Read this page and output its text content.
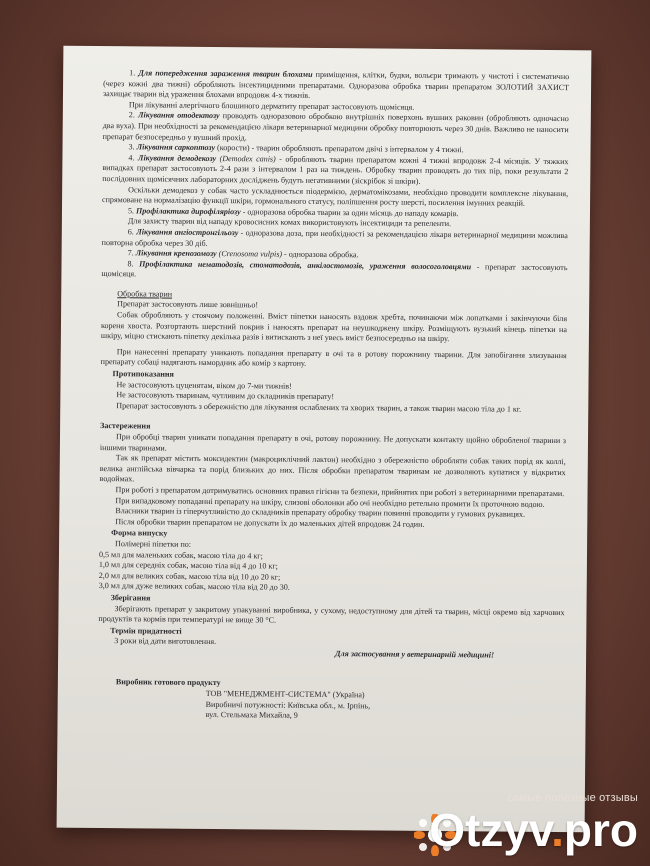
1. Для попередження зараження тварин блохами приміщення, клітки, будки, вольєри тримають у чистоті і систематично (через кожні два тижні) обробляють інсектицидними препаратами. Одноразова обробка тварин препаратом ЗОЛОТИЙ ЗАХИСТ захищає тварин від ураження блохами впродовж 4-х тижнів.

При лікуванні алергічного блошиного дерматиту препарат застосовують щомісяця.

2. Лікування отодектозу проводять одноразовою обробкою внутрішніх поверхонь вушних раковин (обробляють одночасно два вуха). При необхідності за рекомендацією лікаря ветеринарної медицини обробку повторюють через 30 днів. Важливо не наносити препарат безпосередньо у вушний прохід.

3. Лікування саркоптозу (корости) - тварин обробляють препаратом двічі з інтервалом у 4 тижні.

4. Лікування демодекозу (Demodex canis) - обробляють тварин препаратом кожні 4 тижні впродовж 2-4 місяців. У тяжких випадках препарат застосовують 2-4 рази з інтервалом 1 раз на тиждень. Обробку тварин проводять до тих пір, поки результати 2 послідовних щомісячних лабораторних досліджень будуть негативними (зіскрібок зі шкіри).

Оскільки демодекоз у собак часто ускладнюється піодермією, дерматомікозами, необхідно проводити комплексне лікування, спрямоване на нормалізацію функції шкіри, гормонального статусу, поліпшення росту шерсті, посилення імунних реакцій.

5. Профілактика дирофіляріозу - одноразова обробка тварин за один місяць до нападу комарів.

Для захисту тварин від нападу кровосисних комах використовують інсектициди та репеленти.

6. Лікування ангіостронгільозу - одноразова доза, при необхідності за рекомендацією лікаря ветеринарної медицини можлива повторна обробка через 30 діб.

7. Лікування кренозомозу (Crenosoma vulpis) - одноразова обробка.

8. Профілактика нематодозів, стоматодозів, анкілостомозів, ураження волосоголовцями - препарат застосовують щомісяця.

Обробка тварин

Препарат застосовують лише зовнішньо!

Собак обробляють у стоячому положенні. Вміст піпетки наносять вздовж хребта, починаючи між лопатками і закінчуючи біля кореня хвоста. Розгортають шерстний покрив і наносять препарат на неушкоджену шкіру. Розміщують вузький кінець піпетки на шкіру, міцно стискають піпетку декілька разів і витискають з неї увесь вміст безпосередньо на шкіру.

При нанесенні препарату уникають попадання препарату в очі та в ротову порожнину тварини. Для запобігання злизування препарату собаці надягають намордник або комір з картону.

Протипоказання

Не застосовують цуценятам, віком до 7-ми тижнів!

Не застосовують тваринам, чутливим до складників препарату!

Препарат застосовують з обережністю для лікування ослаблених та хворих тварин, а також тварин масою тіла до 1 кг.

Застереження

При обробці тварин уникати попадання препарату в очі, ротову порожнину. Не допускати контакту щойно обробленої тварини з іншими тваринами.

Так як препарат містить моксидектин (макроциклічний лактон) необхідно з обережністю обробляти собак таких порід як коллі, велика англійська вівчарка та порід близьких до них. Після обробки препаратом тваринам не дозволяють купатися у відкритих водоймах.

При роботі з препаратом дотримуватись основних правил гігієни та безпеки, прийнятих при роботі з ветеринарними препаратами.

При випадковому попаданні препарату на шкіру, слизові оболонки або очі необхідно ретельно промити їх проточною водою.

Власники тварин із гіперчутливістю до складників препарату обробку тварин повинні проводити у гумових рукавицях.

Після обробки тварин препаратом не допускати їх до маленьких дітей впродовж 24 годин.

Форма випуску

Полімерні піпетки по:

0,5 мл для маленьких собак, масою тіла до 4 кг;

1,0 мл для середніх собак, масою тіла від 4 до 10 кг;

2,0 мл для великих собак, масою тіла від 10 до 20 кг;

3,0 мл для дуже великих собак, масою тіла від 20 до 30.

Зберігання

Зберігають препарат у закритому упакуванні виробника, у сухому, недоступному для дітей та тварин, місці окремо від харчових продуктів та кормів при температурі не вище 30 °С.

Термін придатності

3 роки від дати виготовлення.

Для застосування у ветеринарній медицині!

Виробник готового продукту

ТОВ "МЕНЕДЖМЕНТ-СИСТЕМА" (Україна)

Виробничі потужності: Київська обл., м. Ірпінь,

вул. Стельмаха Михайла, 9

самые полезные отзывы
Otzyv.pro
